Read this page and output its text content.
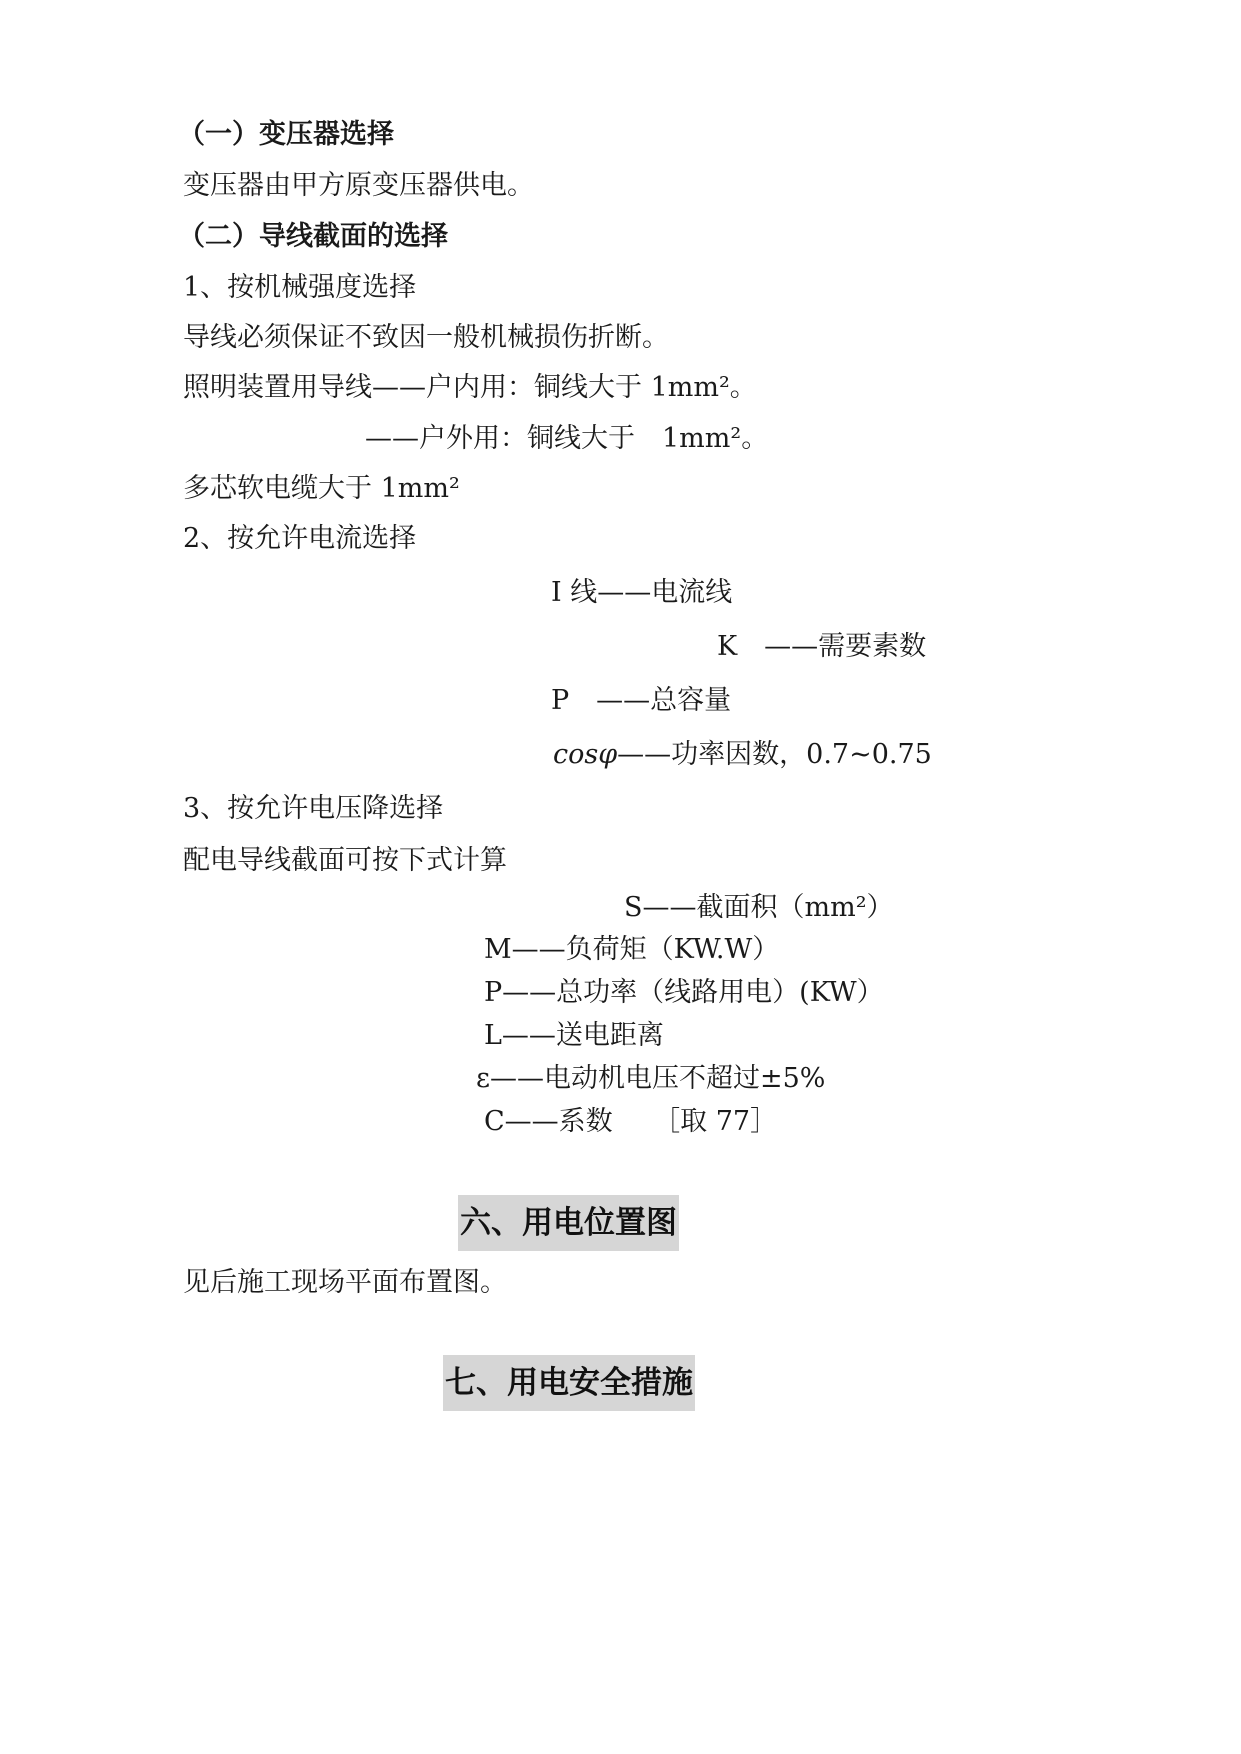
（一）变压器选择
变压器由甲方原变压器供电。
（二）导线截面的选择
1、按机械强度选择
导线必须保证不致因一般机械损伤折断。
照明装置用导线——户内用：铜线大于 1mm²。
——户外用：铜线大于　1mm²。
多芯软电缆大于 1mm²
2、按允许电流选择
I 线——电流线
K　——需要素数
P　——总容量
cosφ——功率因数，0.7~0.75
3、按允许电压降选择
配电导线截面可按下式计算
S——截面积（mm²）
M——负荷矩（KW.W）
P——总功率（线路用电）(KW）
L——送电距离
ε——电动机电压不超过±5%
C——系数　　［取 77］
六、用电位置图
见后施工现场平面布置图。
七、用电安全措施
